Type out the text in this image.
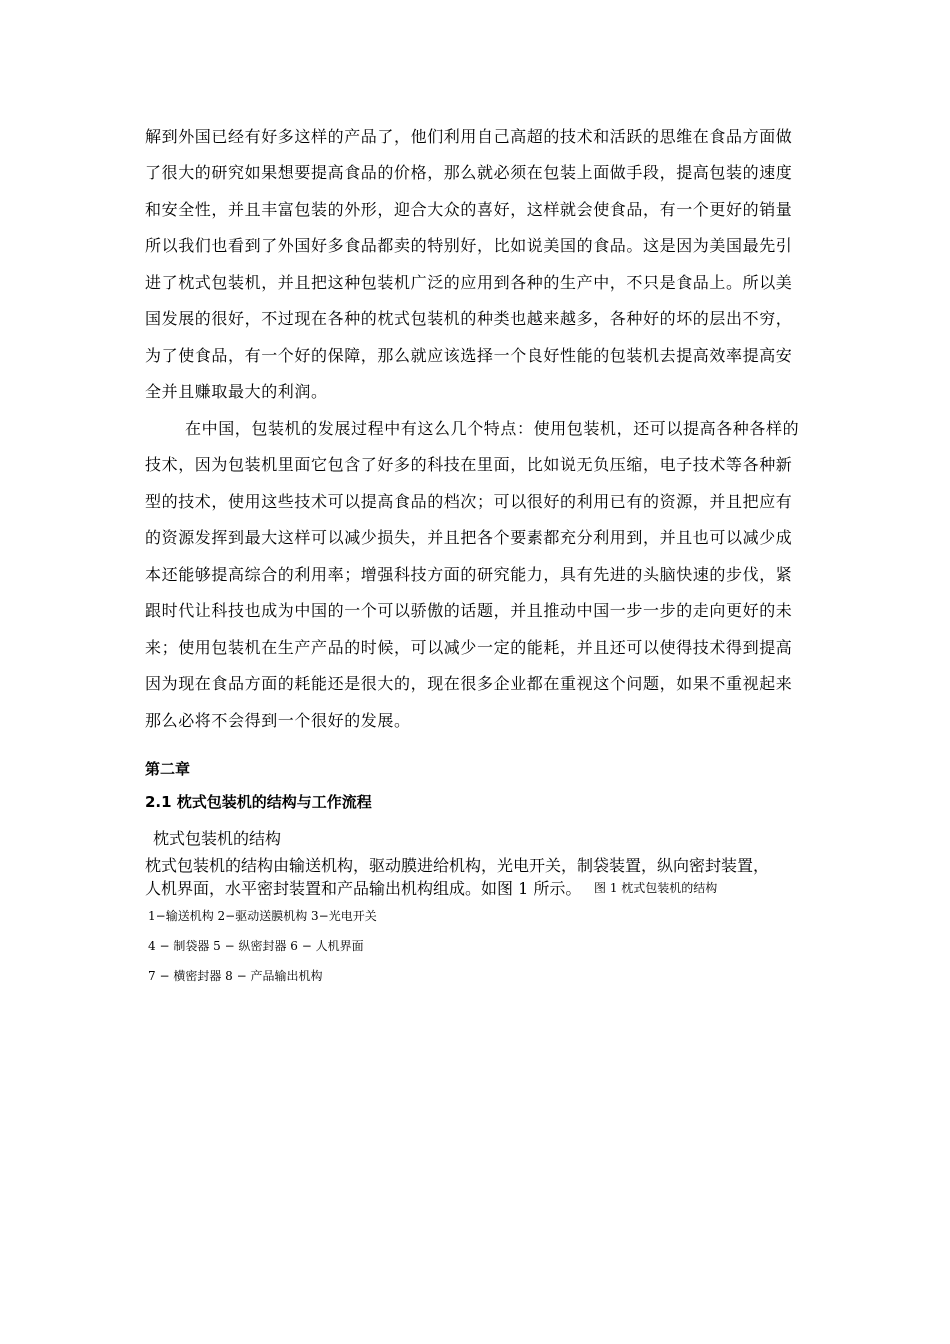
解到外国已经有好多这样的产品了，他们利用自己高超的技术和活跃的思维在食品方面做
了很大的研究如果想要提高食品的价格，那么就必须在包装上面做手段，提高包装的速度
和安全性，并且丰富包装的外形，迎合大众的喜好，这样就会使食品，有一个更好的销量
所以我们也看到了外国好多食品都卖的特别好，比如说美国的食品。这是因为美国最先引
进了枕式包装机，并且把这种包装机广泛的应用到各种的生产中，不只是食品上。所以美
国发展的很好，不过现在各种的枕式包装机的种类也越来越多，各种好的坏的层出不穷，
为了使食品，有一个好的保障，那么就应该选择一个良好性能的包装机去提高效率提高安
全并且赚取最大的利润。
在中国，包装机的发展过程中有这么几个特点：使用包装机，还可以提高各种各样的
技术，因为包装机里面它包含了好多的科技在里面，比如说无负压缩，电子技术等各种新
型的技术，使用这些技术可以提高食品的档次；可以很好的利用已有的资源，并且把应有
的资源发挥到最大这样可以减少损失，并且把各个要素都充分利用到，并且也可以减少成
本还能够提高综合的利用率；增强科技方面的研究能力，具有先进的头脑快速的步伐，紧
跟时代让科技也成为中国的一个可以骄傲的话题，并且推动中国一步一步的走向更好的未
来；使用包装机在生产产品的时候，可以减少一定的能耗，并且还可以使得技术得到提高
因为现在食品方面的耗能还是很大的，现在很多企业都在重视这个问题，如果不重视起来
那么必将不会得到一个很好的发展。
第二章
2.1 枕式包装机的结构与工作流程
枕式包装机的结构
枕式包装机的结构由输送机构，驱动膜进给机构，光电开关，制袋装置，纵向密封装置，
人机界面，水平密封装置和产品输出机构组成。如图 1 所示。 图 1 枕式包装机的结构
1−输送机构 2−驱动送膜机构 3−光电开关
4 − 制袋器 5 − 纵密封器 6 − 人机界面
7 − 横密封器 8 − 产品输出机构
